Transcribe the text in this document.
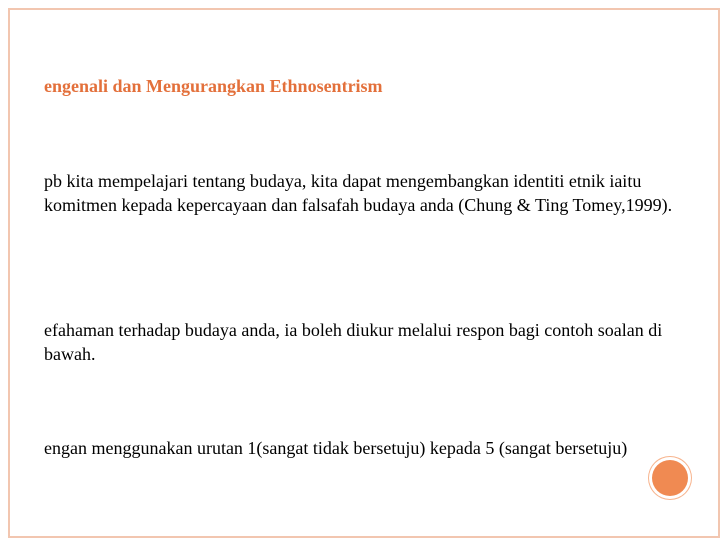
engenali dan Mengurangkan Ethnosentrism
pb kita mempelajari tentang budaya, kita dapat mengembangkan identiti etnik iaitu komitmen kepada kepercayaan dan falsafah budaya anda (Chung & Ting Tomey,1999).
efahaman terhadap budaya anda, ia boleh diukur melalui respon bagi contoh soalan di bawah.
engan menggunakan urutan 1(sangat tidak bersetuju) kepada 5 (sangat bersetuju)
